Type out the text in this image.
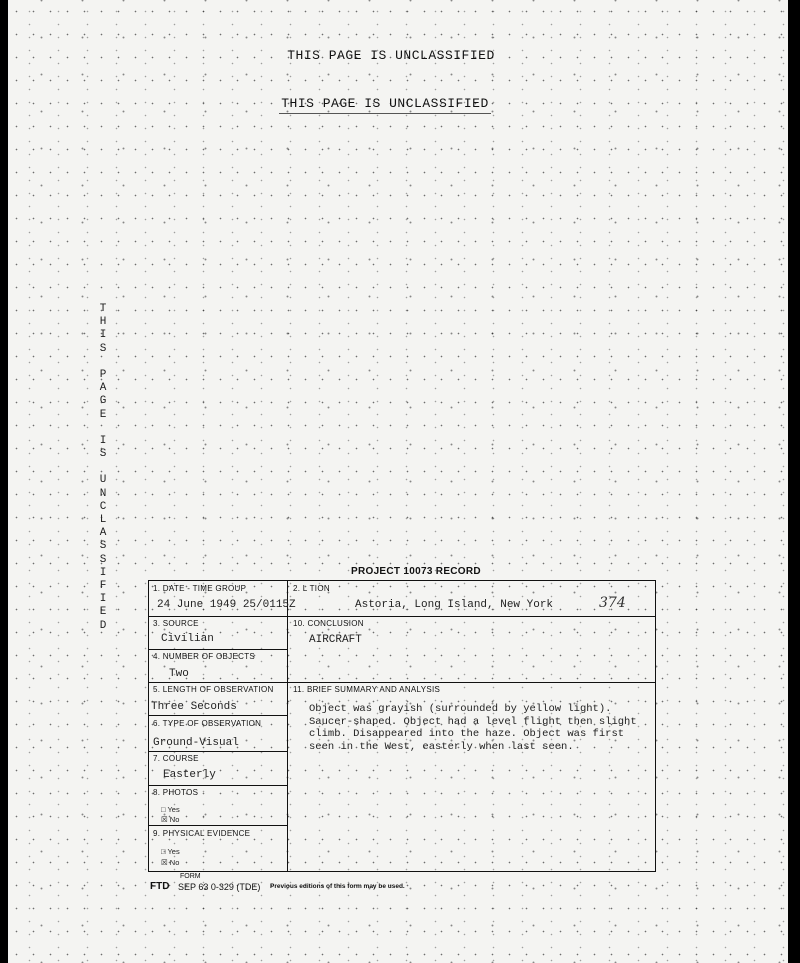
THIS PAGE IS UNCLASSIFIED
THIS PAGE IS UNCLASSIFIED
T
H
I
S
P
A
G
E
I
S
U
N
C
L
A
S
S
I
F
I
E
D
PROJECT 10073 RECORD
1. DATE - TIME GROUP
24 June 1949 25/0115Z
2. L TION
Astoria, Long Island, New York	374
3. SOURCE
Civilian
10. CONCLUSION
AIRCRAFT
4. NUMBER OF OBJECTS
Two
5. LENGTH OF OBSERVATION
Three Seconds
11. BRIEF SUMMARY AND ANALYSIS
Object was grayish (surrounded by yellow light). Saucer-shaped. Object had a level flight then slight climb. Disappeared into the haze. Object was first seen in the West, easterly when last seen.
6. TYPE OF OBSERVATION
Ground-Visual
7. COURSE
Easterly
8. PHOTOS
□ Yes
☒ No
9. PHYSICAL EVIDENCE
□ Yes
☒ No
FTD
FORM
SEP 63 0-329 (TDE) Previous editions of this form may be used.
